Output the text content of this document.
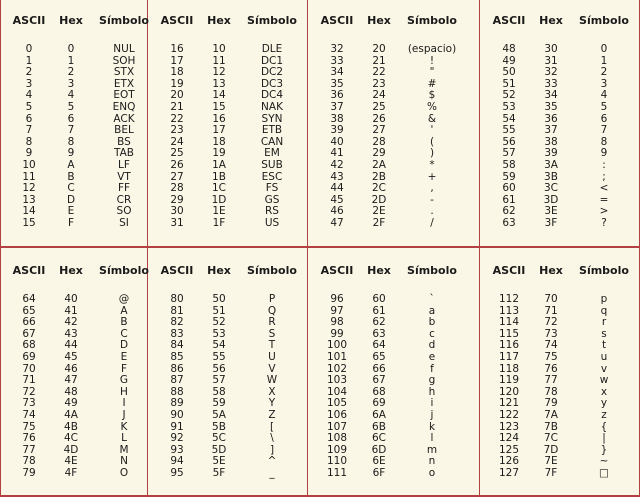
ASCII	Hex	Símbolo
0	0	NUL
1	1	SOH
2	2	STX
3	3	ETX
4	4	EOT
5	5	ENQ
6	6	ACK
7	7	BEL
8	8	BS
9	9	TAB
10	A	LF
11	B	VT
12	C	FF
13	D	CR
14	E	SO
15	F	SI
ASCII	Hex	Símbolo
16	10	DLE
17	11	DC1
18	12	DC2
19	13	DC3
20	14	DC4
21	15	NAK
22	16	SYN
23	17	ETB
24	18	CAN
25	19	EM
26	1A	SUB
27	1B	ESC
28	1C	FS
29	1D	GS
30	1E	RS
31	1F	US
ASCII	Hex	Símbolo
32	20	(espacio)
33	21	!
34	22	"
35	23	#
36	24	$
37	25	%
38	26	&
39	27	'
40	28	(
41	29	)
42	2A	*
43	2B	+
44	2C	,
45	2D	-
46	2E	.
47	2F	/
ASCII	Hex	Símbolo
48	30	0
49	31	1
50	32	2
51	33	3
52	34	4
53	35	5
54	36	6
55	37	7
56	38	8
57	39	9
58	3A	:
59	3B	;
60	3C	<
61	3D	=
62	3E	>
63	3F	?
ASCII	Hex	Símbolo
64	40	@
65	41	A
66	42	B
67	43	C
68	44	D
69	45	E
70	46	F
71	47	G
72	48	H
73	49	I
74	4A	J
75	4B	K
76	4C	L
77	4D	M
78	4E	N
79	4F	O
ASCII	Hex	Símbolo
80	50	P
81	51	Q
82	52	R
83	53	S
84	54	T
85	55	U
86	56	V
87	57	W
88	58	X
89	59	Y
90	5A	Z
91	5B	[
92	5C	\
93	5D	]
94	5E	^
95	5F	_
ASCII	Hex	Símbolo
96	60	`
97	61	a
98	62	b
99	63	c
100	64	d
101	65	e
102	66	f
103	67	g
104	68	h
105	69	i
106	6A	j
107	6B	k
108	6C	l
109	6D	m
110	6E	n
111	6F	o
ASCII	Hex	Símbolo
112	70	p
113	71	q
114	72	r
115	73	s
116	74	t
117	75	u
118	76	v
119	77	w
120	78	x
121	79	y
122	7A	z
123	7B	{
124	7C	|
125	7D	}
126	7E	~
127	7F	□
